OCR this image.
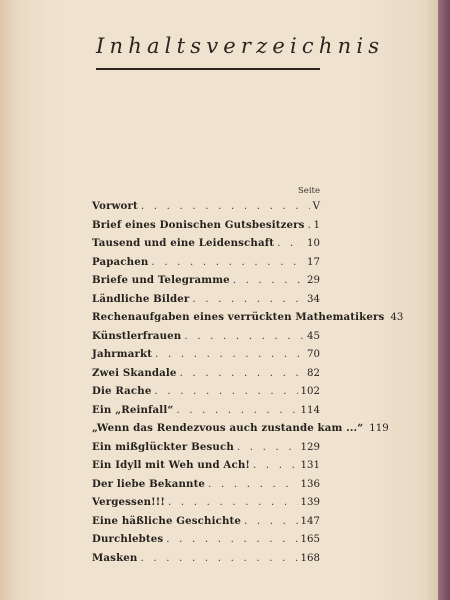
Inhaltsverzeichnis
Seite
Vorwort . . .	V
Brief eines Donischen Gutsbesitzers . . . 1
Tausend und eine Leidenschaft . . .	10
Papachen . . .	17
Briefe und Telegramme . . .	29
Ländliche Bilder . . .	34
Rechenaufgaben eines verrückten Mathematikers 43
Künstlerfrauen . . .	45
Jahrmarkt . . .	70
Zwei Skandale . . .	82
Die Rache . . .	102
Ein „Reinfall“ . . .	114
„Wenn das Rendezvous auch zustande kam ...“ 119
Ein mißglückter Besuch . . .	129
Ein Idyll mit Weh und Ach! . . .	131
Der liebe Bekannte . . .	136
Vergessen!!! . . .	139
Eine häßliche Geschichte . . .	147
Durchlebtes . . .	165
Masken . . .	168
